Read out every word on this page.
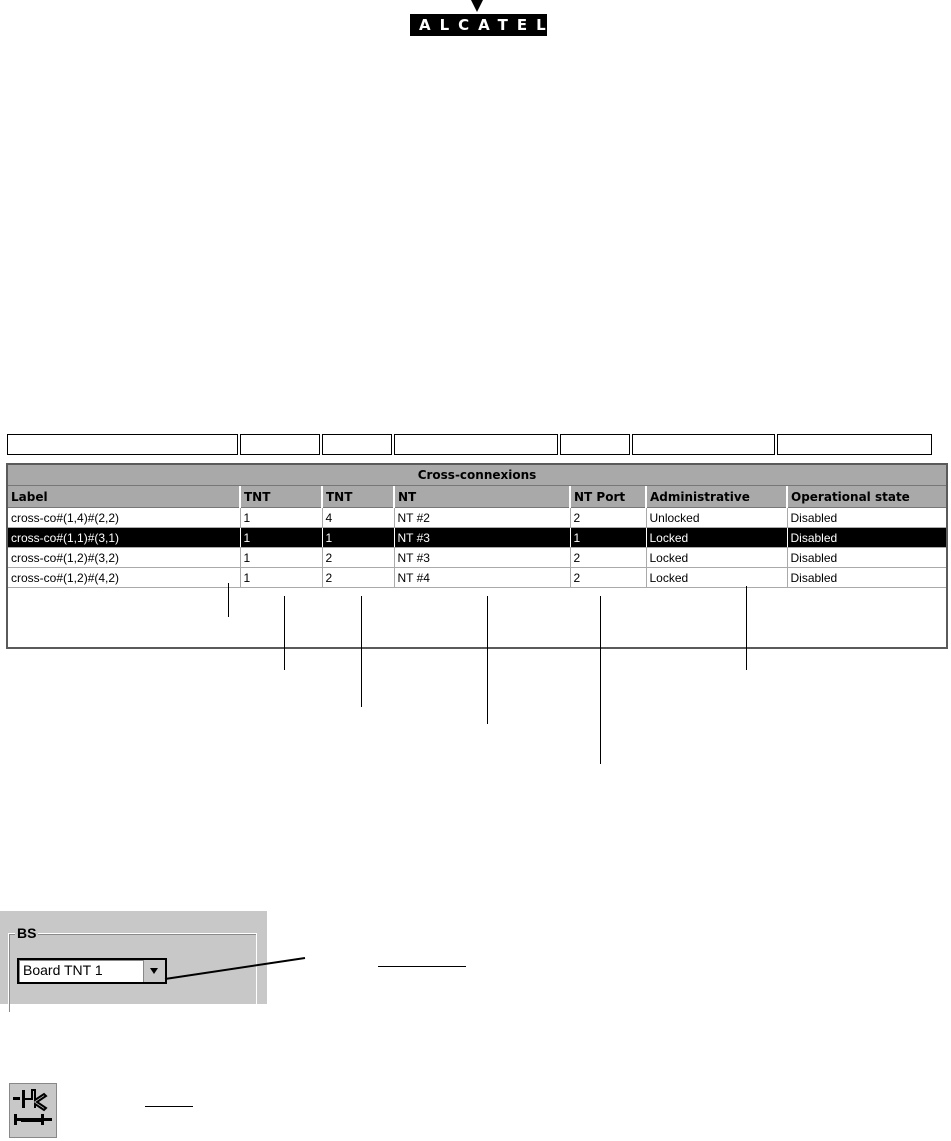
ALCATEL
Cross-connexions
Label	TNT	TNT	NT	NT Port	Administrative	Operational state
cross-co#(1,4)#(2,2)	1	4	NT #2	2	Unlocked	Disabled
cross-co#(1,1)#(3,1)	1	1	NT #3	1	Locked	Disabled
cross-co#(1,2)#(3,2)	1	2	NT #3	2	Locked	Disabled
cross-co#(1,2)#(4,2)	1	2	NT #4	2	Locked	Disabled
BS
Board TNT 1
